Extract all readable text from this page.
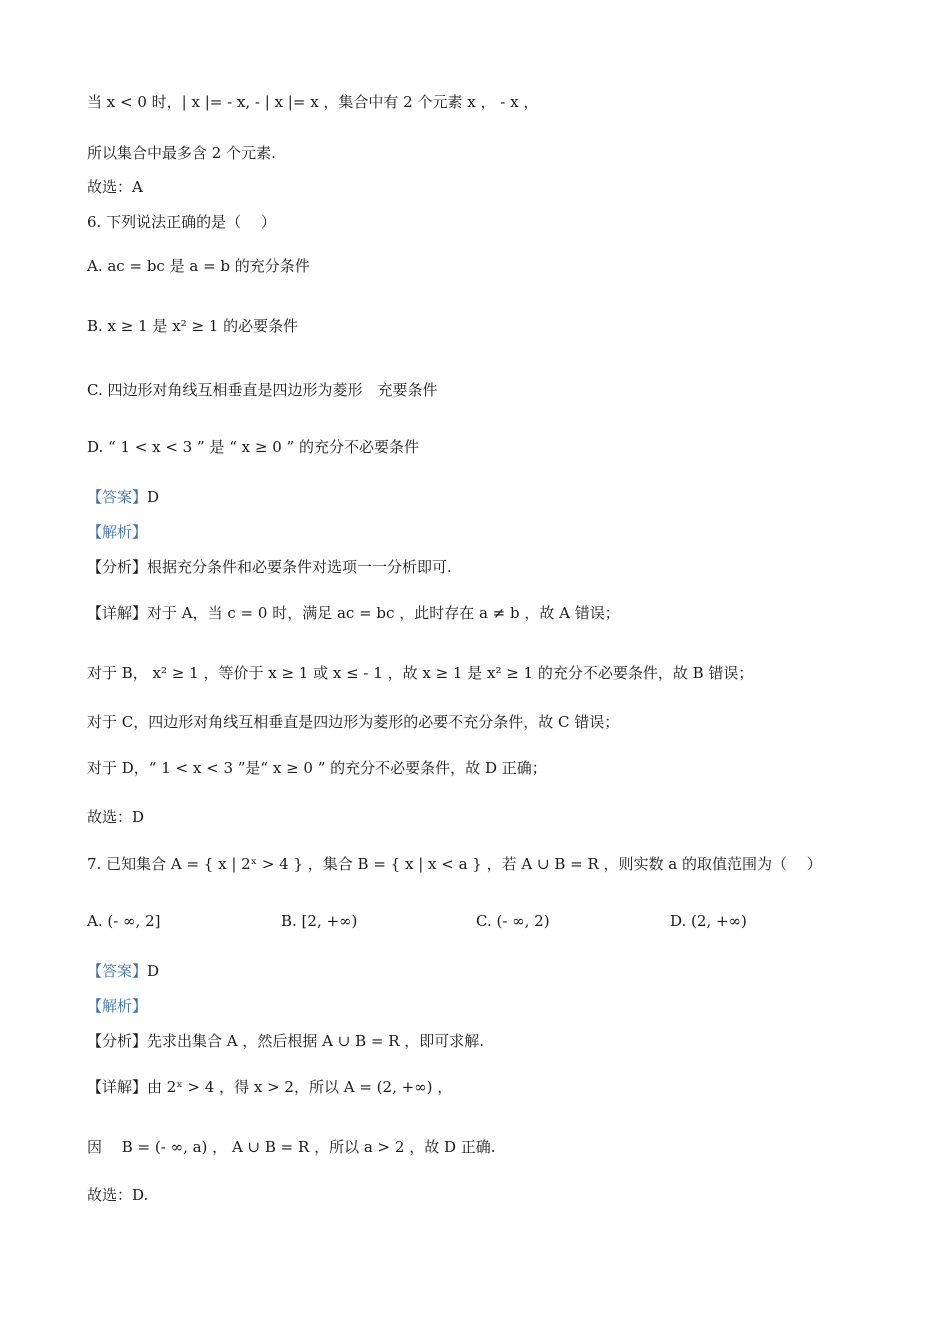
当 x < 0 时，| x |= - x, - | x |= x ，集合中有 2 个元素 x ， - x ，
所以集合中最多含 2 个元素.
故选：A
6. 下列说法正确的是（　 ）
A. ac = bc 是 a = b 的充分条件
B. x ≥ 1 是 x² ≥ 1 的必要条件
C. 四边形对角线互相垂直是四边形为菱形　充要条件
D. “ 1 < x < 3 ” 是 “ x ≥ 0 ” 的充分不必要条件
【答案】D
【解析】
【分析】根据充分条件和必要条件对选项一一分析即可.
【详解】对于 A，当 c = 0 时，满足 ac = bc ，此时存在 a ≠ b ，故 A 错误；
对于 B， x² ≥ 1 ，等价于 x ≥ 1 或 x ≤ - 1 ，故 x ≥ 1 是 x² ≥ 1 的充分不必要条件，故 B 错误；
对于 C，四边形对角线互相垂直是四边形为菱形的必要不充分条件，故 C 错误；
对于 D，“ 1 < x < 3 ”是“ x ≥ 0 ” 的充分不必要条件，故 D 正确；
故选：D
7. 已知集合 A = { x | 2ˣ > 4 } ，集合 B = { x | x < a } ，若 A ∪ B = R ，则实数 a 的取值范围为（　 ）
A. (- ∞, 2]	B. [2, +∞)	C. (- ∞, 2)	D. (2, +∞)
【答案】D
【解析】
【分析】先求出集合 A ，然后根据 A ∪ B = R ，即可求解.
【详解】由 2ˣ > 4 ，得 x > 2，所以 A = (2, +∞) ，
因　 B = (- ∞, a) ， A ∪ B = R ，所以 a > 2 ，故 D 正确.
故选：D.
